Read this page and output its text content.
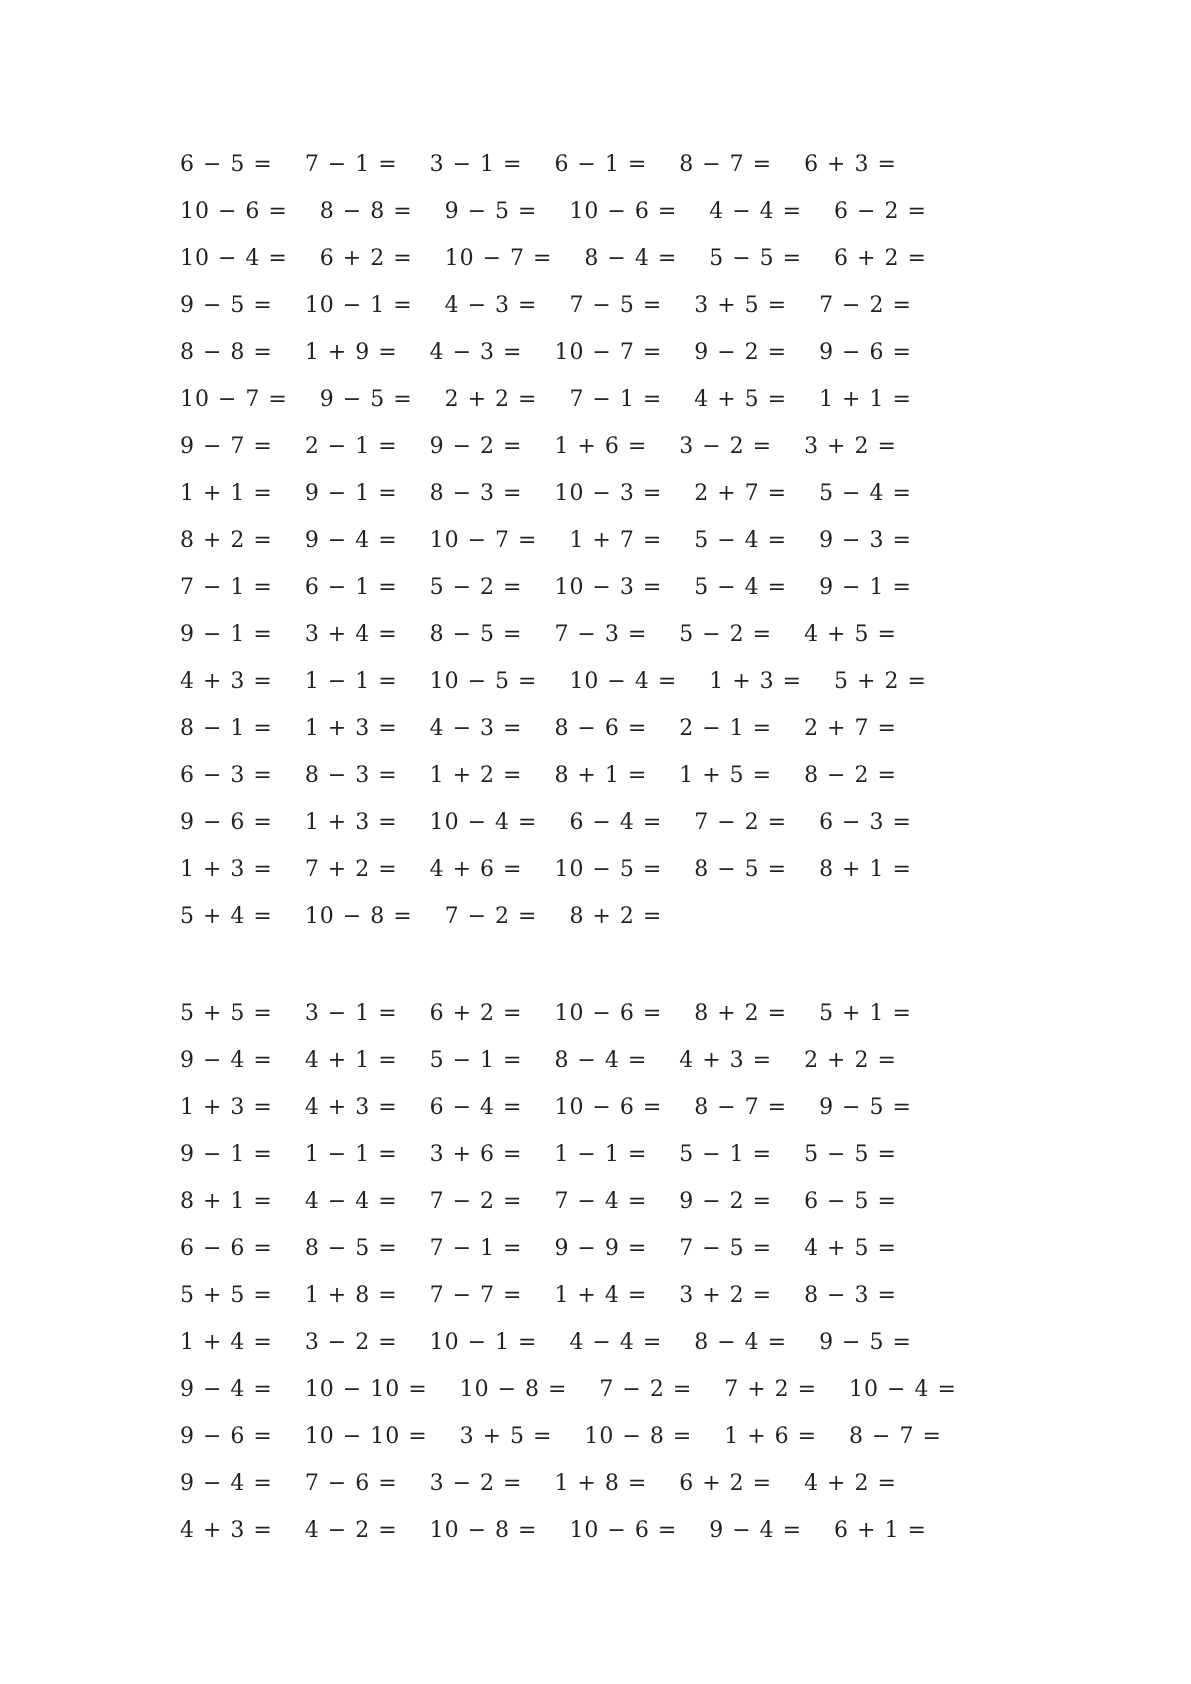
6 − 5 =    7 − 1 =    3 − 1 =    6 − 1 =    8 − 7 =    6 + 3 =
10 − 6 =    8 − 8 =    9 − 5 =    10 − 6 =    4 − 4 =    6 − 2 =
10 − 4 =    6 + 2 =    10 − 7 =    8 − 4 =    5 − 5 =    6 + 2 =
9 − 5 =    10 − 1 =    4 − 3 =    7 − 5 =    3 + 5 =    7 − 2 =
8 − 8 =    1 + 9 =    4 − 3 =    10 − 7 =    9 − 2 =    9 − 6 =
10 − 7 =    9 − 5 =    2 + 2 =    7 − 1 =    4 + 5 =    1 + 1 =
9 − 7 =    2 − 1 =    9 − 2 =    1 + 6 =    3 − 2 =    3 + 2 =
1 + 1 =    9 − 1 =    8 − 3 =    10 − 3 =    2 + 7 =    5 − 4 =
8 + 2 =    9 − 4 =    10 − 7 =    1 + 7 =    5 − 4 =    9 − 3 =
7 − 1 =    6 − 1 =    5 − 2 =    10 − 3 =    5 − 4 =    9 − 1 =
9 − 1 =    3 + 4 =    8 − 5 =    7 − 3 =    5 − 2 =    4 + 5 =
4 + 3 =    1 − 1 =    10 − 5 =    10 − 4 =    1 + 3 =    5 + 2 =
8 − 1 =    1 + 3 =    4 − 3 =    8 − 6 =    2 − 1 =    2 + 7 =
6 − 3 =    8 − 3 =    1 + 2 =    8 + 1 =    1 + 5 =    8 − 2 =
9 − 6 =    1 + 3 =    10 − 4 =    6 − 4 =    7 − 2 =    6 − 3 =
1 + 3 =    7 + 2 =    4 + 6 =    10 − 5 =    8 − 5 =    8 + 1 =
5 + 4 =    10 − 8 =    7 − 2 =    8 + 2 =
5 + 5 =    3 − 1 =    6 + 2 =    10 − 6 =    8 + 2 =    5 + 1 =
9 − 4 =    4 + 1 =    5 − 1 =    8 − 4 =    4 + 3 =    2 + 2 =
1 + 3 =    4 + 3 =    6 − 4 =    10 − 6 =    8 − 7 =    9 − 5 =
9 − 1 =    1 − 1 =    3 + 6 =    1 − 1 =    5 − 1 =    5 − 5 =
8 + 1 =    4 − 4 =    7 − 2 =    7 − 4 =    9 − 2 =    6 − 5 =
6 − 6 =    8 − 5 =    7 − 1 =    9 − 9 =    7 − 5 =    4 + 5 =
5 + 5 =    1 + 8 =    7 − 7 =    1 + 4 =    3 + 2 =    8 − 3 =
1 + 4 =    3 − 2 =    10 − 1 =    4 − 4 =    8 − 4 =    9 − 5 =
9 − 4 =    10 − 10 =    10 − 8 =    7 − 2 =    7 + 2 =    10 − 4 =
9 − 6 =    10 − 10 =    3 + 5 =    10 − 8 =    1 + 6 =    8 − 7 =
9 − 4 =    7 − 6 =    3 − 2 =    1 + 8 =    6 + 2 =    4 + 2 =
4 + 3 =    4 − 2 =    10 − 8 =    10 − 6 =    9 − 4 =    6 + 1 =
